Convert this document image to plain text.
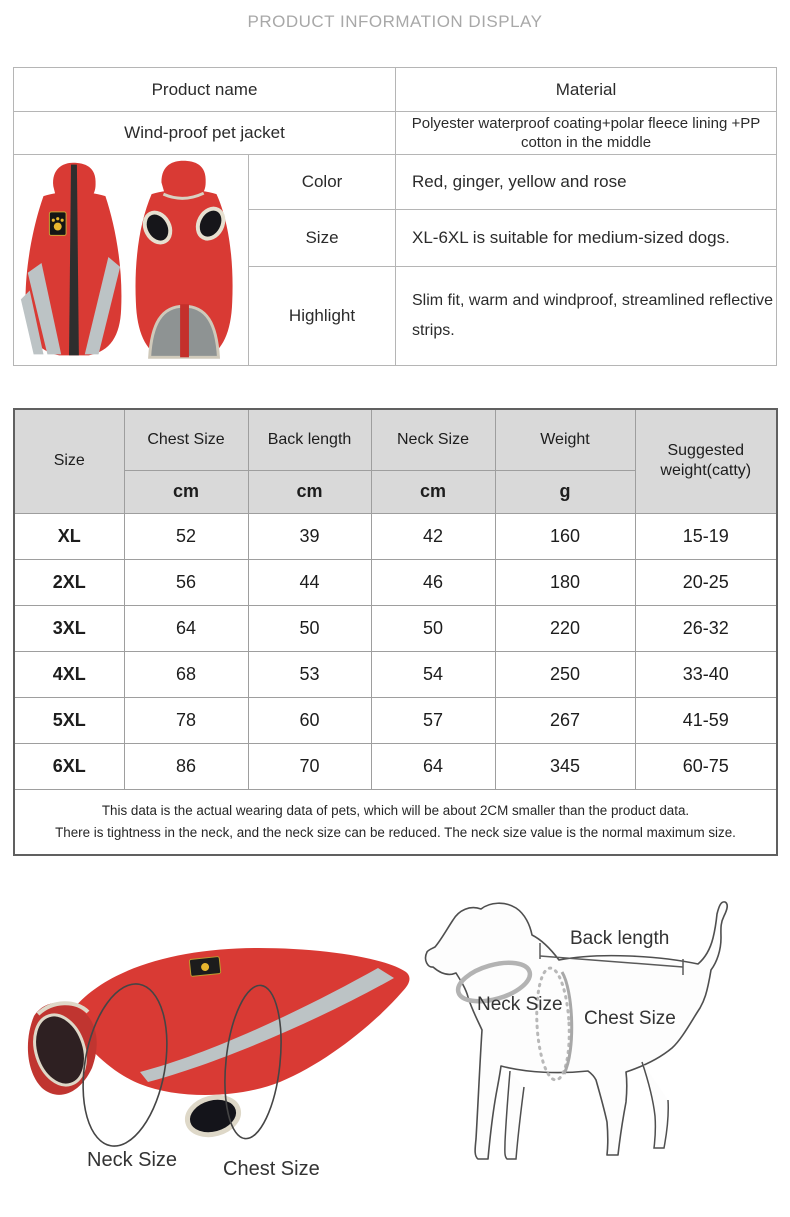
PRODUCT INFORMATION DISPLAY
Product name		Material
Wind-proof pet jacket		Polyester waterproof coating+polar fleece lining +PP cotton in the middle

	Color	Red, ginger, yellow and rose
	Size	XL-6XL is suitable for medium-sized dogs.
	Highlight	Slim fit, warm and windproof, streamlined reflective strips.
Size	Chest Size	Back length	Neck Size	Weight	Suggested weight(catty)
	cm	cm	cm	g	
XL	52	39	42	160	15-19
2XL	56	44	46	180	20-25
3XL	64	50	50	220	26-32
4XL	68	53	54	250	33-40
5XL	78	60	57	267	41-59
6XL	86	70	64	345	60-75

This data is the actual wearing data of pets, which will be about 2CM smaller than the product data.
There is tightness in the neck, and the neck size can be reduced. The neck size value is the normal maximum size.					
Neck Size Chest Size
Back length
Neck Size
Chest Size
